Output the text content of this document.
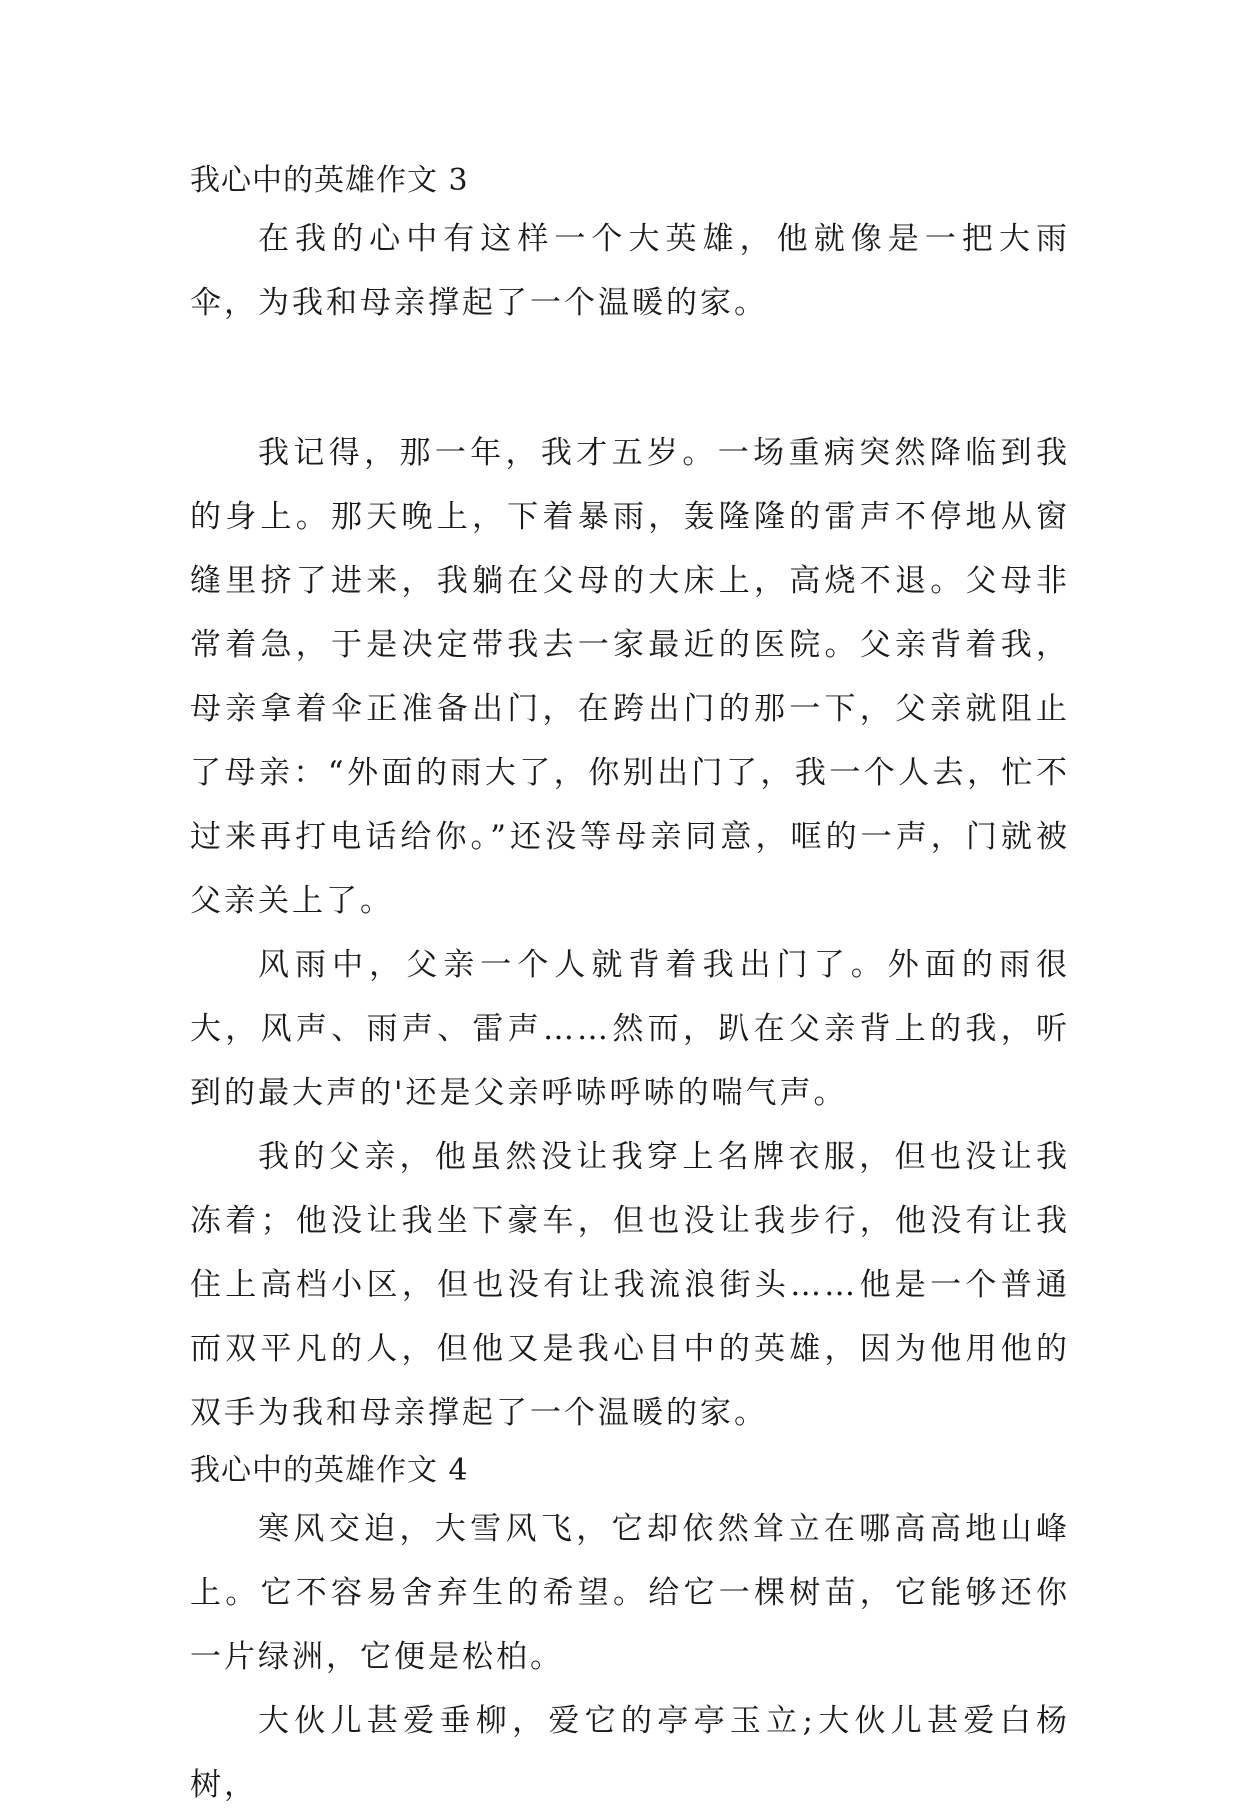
我心中的英雄作文 3

在我的心中有这样一个大英雄，他就像是一把大雨伞，为我和母亲撑起了一个温暖的家。

我记得，那一年，我才五岁。一场重病突然降临到我的身上。那天晚上，下着暴雨，轰隆隆的雷声不停地从窗缝里挤了进来，我躺在父母的大床上，高烧不退。父母非常着急，于是决定带我去一家最近的医院。父亲背着我，母亲拿着伞正准备出门，在跨出门的那一下，父亲就阻止了母亲：“外面的雨大了，你别出门了，我一个人去，忙不过来再打电话给你。”还没等母亲同意，哐的一声，门就被父亲关上了。

风雨中，父亲一个人就背着我出门了。外面的雨很大，风声、雨声、雷声……然而，趴在父亲背上的我，听到的最大声的'还是父亲呼哧呼哧的喘气声。

我的父亲，他虽然没让我穿上名牌衣服，但也没让我冻着；他没让我坐下豪车，但也没让我步行，他没有让我住上高档小区，但也没有让我流浪街头……他是一个普通而双平凡的人，但他又是我心目中的英雄，因为他用他的双手为我和母亲撑起了一个温暖的家。

我心中的英雄作文 4

寒风交迫，大雪风飞，它却依然耸立在哪高高地山峰上。它不容易舍弃生的希望。给它一棵树苗，它能够还你一片绿洲，它便是松柏。

大伙儿甚爱垂柳，爱它的亭亭玉立;大伙儿甚爱白杨树，
